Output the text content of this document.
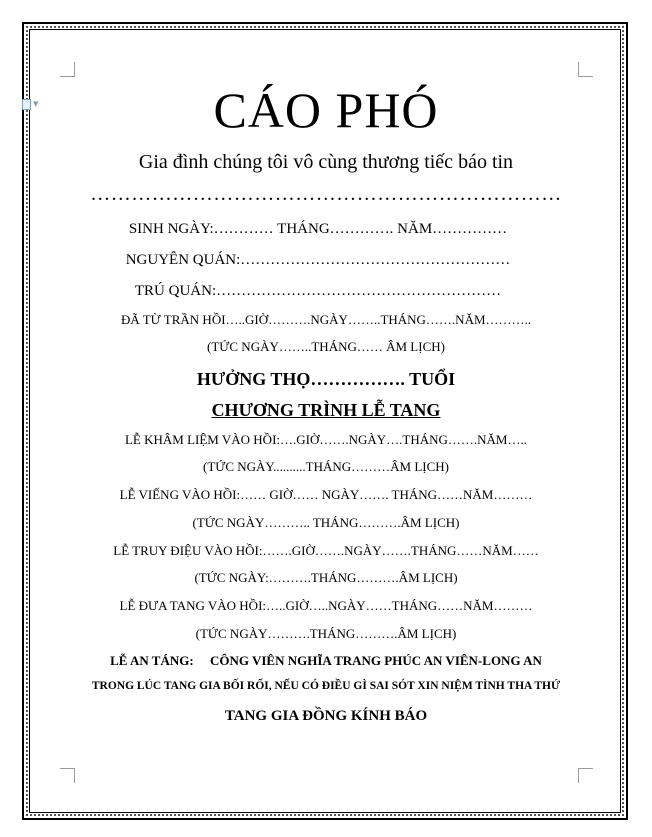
▼	CÁO PHÓ
Gia đình chúng tôi vô cùng thương tiếc báo tin
……………………………………………………………
SINH NGÀY:………… THÁNG…………. NĂM……………
NGUYÊN QUÁN:………………………………………………
TRÚ QUÁN:…………………………………………………
ĐÃ TỪ TRẦN HỒI…..GIỜ……….NGÀY……..THÁNG…….NĂM………..
(TỨC NGÀY……..THÁNG…… ÂM LỊCH)
HƯỞNG THỌ……………. TUỔI
CHƯƠNG TRÌNH LỄ TANG
LỄ KHÂM LIỆM VÀO HỒI:….GIỜ…….NGÀY….THÁNG…….NĂM…..
(TỨC NGÀY..........THÁNG………ÂM LỊCH)
LỄ VIẾNG VÀO HỒI:…… GIỜ…… NGÀY……. THÁNG……NĂM………
(TỨC NGÀY……….. THÁNG……….ÂM LỊCH)
LỄ TRUY ĐIỆU VÀO HỒI:…….GIỜ…….NGÀY…….THÁNG……NĂM……
(TỨC NGÀY:……….THÁNG……….ÂM LỊCH)
LỄ ĐƯA TANG VÀO HỒI:…..GIỜ…..NGÀY……THÁNG……NĂM………
(TỨC NGÀY……….THÁNG……….ÂM LỊCH)
LỄ AN TÁNG: CÔNG VIÊN NGHĨA TRANG PHÚC AN VIÊN-LONG AN
TRONG LÚC TANG GIA BỐI RỐI, NẾU CÓ ĐIỀU GÌ SAI SÓT XIN NIỆM TÌNH THA THỨ
TANG GIA ĐỒNG KÍNH BÁO
